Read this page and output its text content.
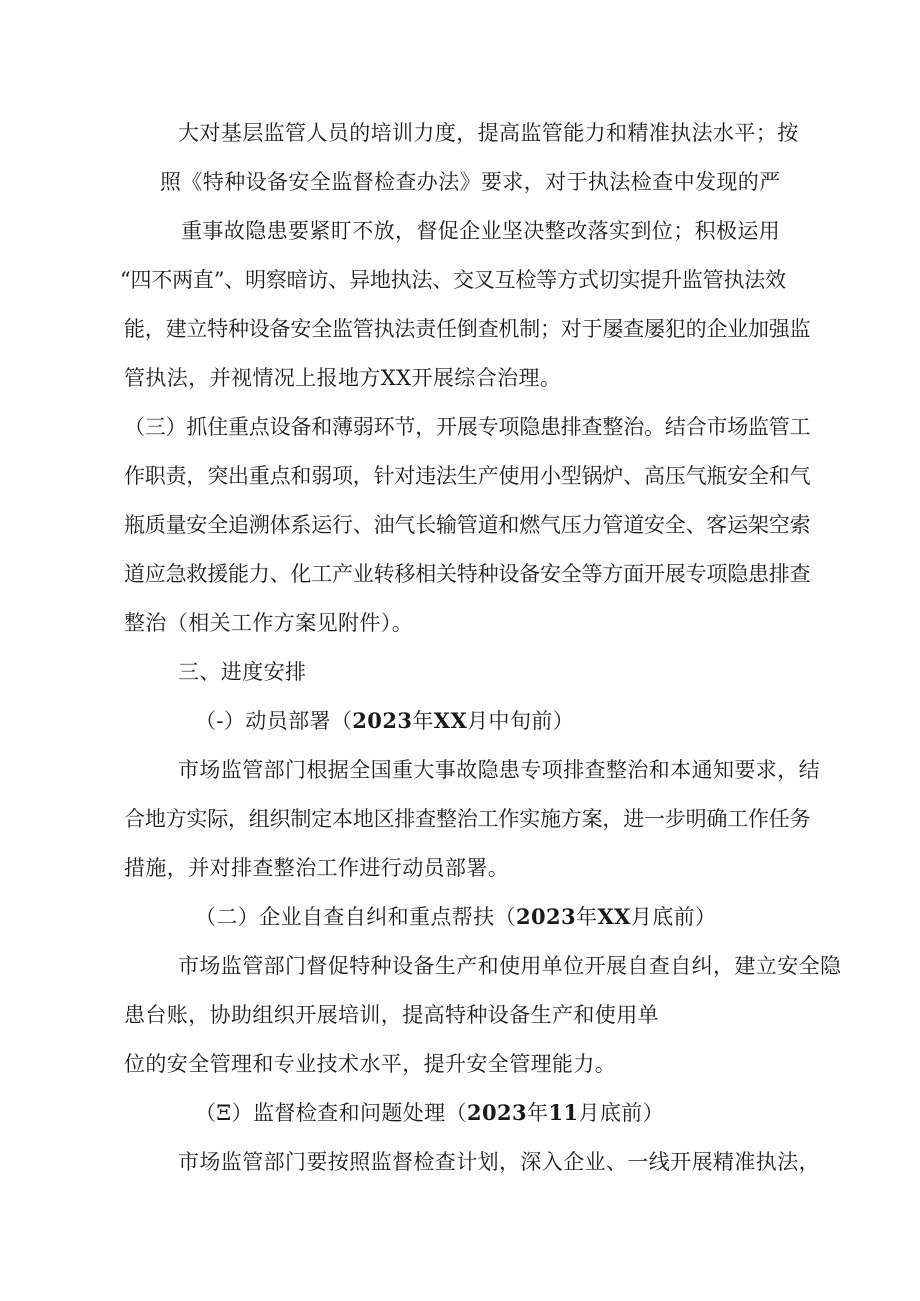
大对基层监管人员的培训力度，提高监管能力和精准执法水平；按
照《特种设备安全监督检查办法》要求，对于执法检查中发现的严
重事故隐患要紧盯不放，督促企业坚决整改落实到位；积极运用
“四不两直”、明察暗访、异地执法、交叉互检等方式切实提升监管执法效
能，建立特种设备安全监管执法责任倒查机制；对于屡查屡犯的企业加强监
管执法，并视情况上报地方XX开展综合治理。
（三）抓住重点设备和薄弱环节，开展专项隐患排查整治。结合市场监管工
作职责，突出重点和弱项，针对违法生产使用小型锅炉、高压气瓶安全和气
瓶质量安全追溯体系运行、油气长输管道和燃气压力管道安全、客运架空索
道应急救援能力、化工产业转移相关特种设备安全等方面开展专项隐患排查
整治（相关工作方案见附件）。
三、进度安排
（-）动员部署（2023年XX月中旬前）
市场监管部门根据全国重大事故隐患专项排查整治和本通知要求，结
合地方实际，组织制定本地区排查整治工作实施方案，进一步明确工作任务
措施，并对排查整治工作进行动员部署。
（二）企业自查自纠和重点帮扶（2023年XX月底前）
市场监管部门督促特种设备生产和使用单位开展自查自纠，建立安全隐
患台账，协助组织开展培训，提高特种设备生产和使用单
位的安全管理和专业技术水平，提升安全管理能力。
（Ξ）监督检查和问题处理（2023年11月底前）
市场监管部门要按照监督检查计划，深入企业、一线开展精准执法，
